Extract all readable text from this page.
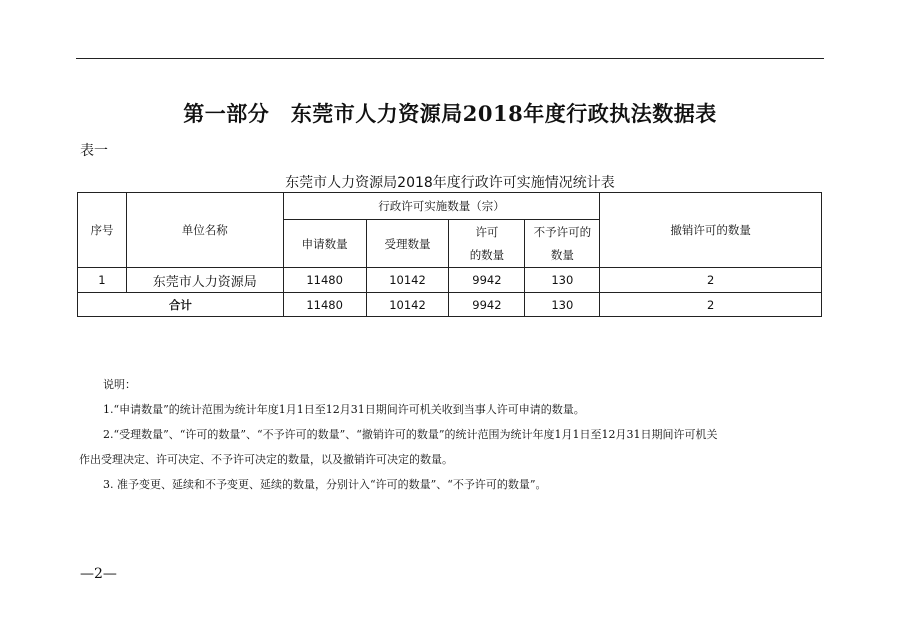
第一部分　东莞市人力资源局2018年度行政执法数据表
表一
东莞市人力资源局2018年度行政许可实施情况统计表
序号	单位名称	行政许可实施数量（宗）				撤销许可的数量
		申请数量	受理数量	许可	不予许可的	
				的数量	数量	
1	东莞市人力资源局	11480	10142	9942	130	2
合计		11480	10142	9942	130	2

说明：

1.“申请数量”的统计范围为统计年度1月1日至12月31日期间许可机关收到当事人许可申请的数量。

2.“受理数量”、“许可的数量”、“不予许可的数量”、“撤销许可的数量”的统计范围为统计年度1月1日至12月31日期间许可机关

作出受理决定、许可决定、不予许可决定的数量，以及撤销许可决定的数量。

3. 准予变更、延续和不予变更、延续的数量，分别计入“许可的数量”、“不予许可的数量”。

—2—
